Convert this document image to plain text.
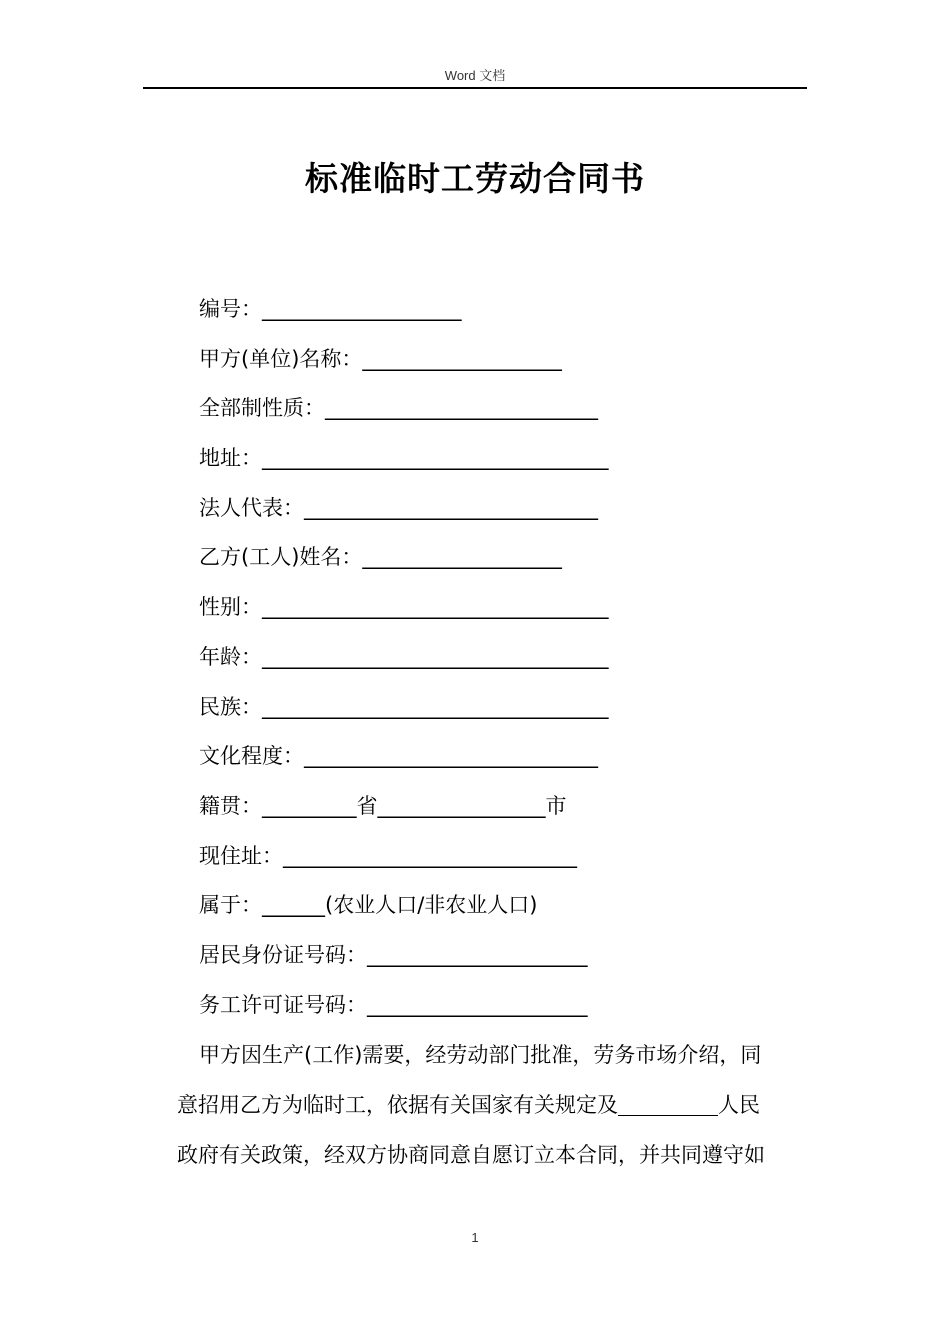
Word 文档
标准临时工劳动合同书
编号：___________________
甲方(单位)名称：___________________
全部制性质：__________________________
地址：_________________________________
法人代表：____________________________
乙方(工人)姓名：___________________
性别：_________________________________
年龄：_________________________________
民族：_________________________________
文化程度：____________________________
籍贯：_________省________________市
现住址：____________________________
属于：______(农业人口/非农业人口)
居民身份证号码：_____________________
务工许可证号码：_____________________

甲方因生产(工作)需要，经劳动部门批准，劳务市场介绍，同
意招用乙方为临时工，依据有关国家有关规定及	人民
政府有关政策，经双方协商同意自愿订立本合同，并共同遵守如

1
